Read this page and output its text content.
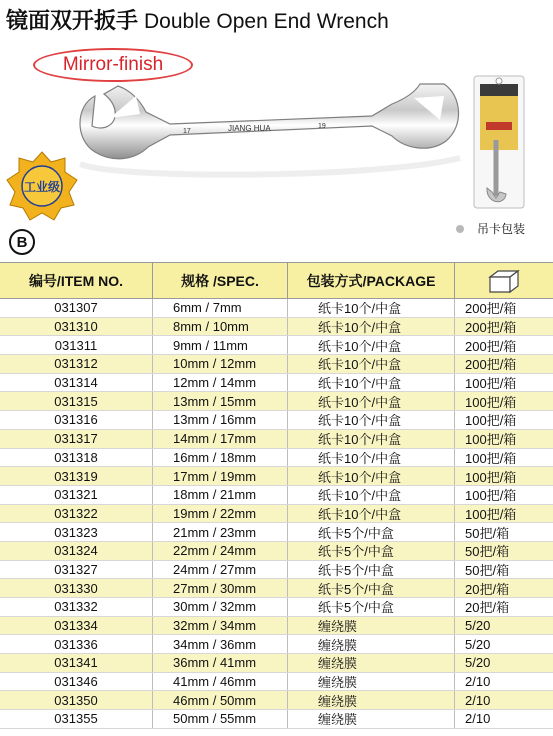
镜面双开扳手 Double Open End Wrench
17	JIANG HUA	19
工业级
Mirror-finish
吊卡包装
B
编号/ITEM NO.	规格 /SPEC.	包装方式/PACKAGE
031307	6mm / 7mm	纸卡10个/中盒	200把/箱
031310	8mm / 10mm	纸卡10个/中盒	200把/箱
031311	9mm / 11mm	纸卡10个/中盒	200把/箱
031312	10mm / 12mm	纸卡10个/中盒	200把/箱
031314	12mm / 14mm	纸卡10个/中盒	100把/箱
031315	13mm / 15mm	纸卡10个/中盒	100把/箱
031316	13mm / 16mm	纸卡10个/中盒	100把/箱
031317	14mm / 17mm	纸卡10个/中盒	100把/箱
031318	16mm / 18mm	纸卡10个/中盒	100把/箱
031319	17mm / 19mm	纸卡10个/中盒	100把/箱
031321	18mm / 21mm	纸卡10个/中盒	100把/箱
031322	19mm / 22mm	纸卡10个/中盒	100把/箱
031323	21mm / 23mm	纸卡5个/中盒	50把/箱
031324	22mm / 24mm	纸卡5个/中盒	50把/箱
031327	24mm / 27mm	纸卡5个/中盒	50把/箱
031330	27mm / 30mm	纸卡5个/中盒	20把/箱
031332	30mm / 32mm	纸卡5个/中盒	20把/箱
031334	32mm / 34mm	缠绕膜	5/20
031336	34mm / 36mm	缠绕膜	5/20
031341	36mm / 41mm	缠绕膜	5/20
031346	41mm / 46mm	缠绕膜	2/10
031350	46mm / 50mm	缠绕膜	2/10
031355	50mm / 55mm	缠绕膜	2/10
